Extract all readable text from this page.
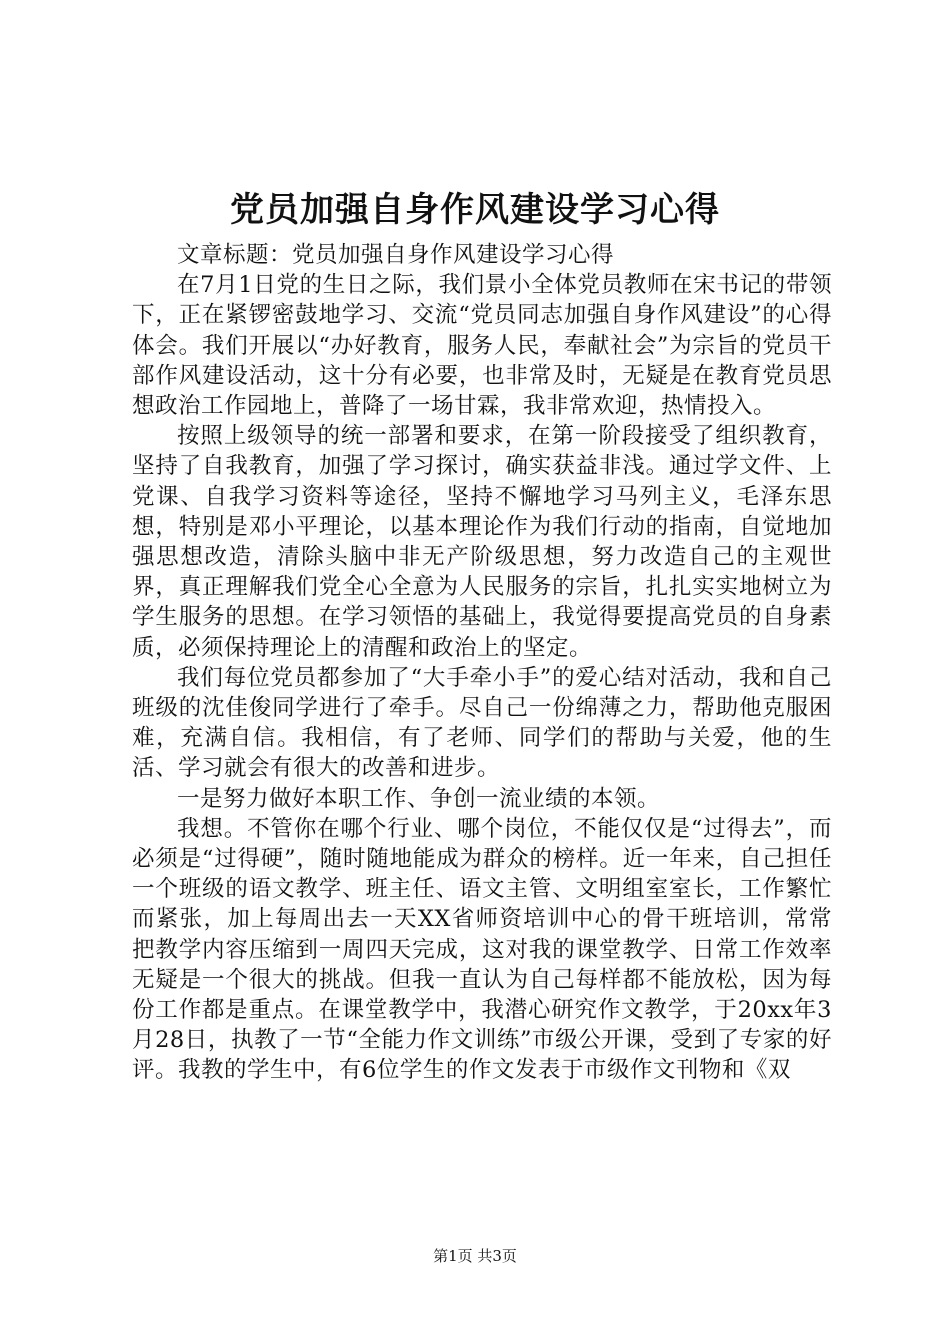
党员加强自身作风建设学习心得

文章标题：党员加强自身作风建设学习心得

在7月1日党的生日之际，我们景小全体党员教师在宋书记的带领下，正在紧锣密鼓地学习、交流“党员同志加强自身作风建设”的心得体会。我们开展以“办好教育，服务人民，奉献社会”为宗旨的党员干部作风建设活动，这十分有必要，也非常及时，无疑是在教育党员思想政治工作园地上，普降了一场甘霖，我非常欢迎，热情投入。

按照上级领导的统一部署和要求，在第一阶段接受了组织教育，坚持了自我教育，加强了学习探讨，确实获益非浅。通过学文件、上党课、自我学习资料等途径，坚持不懈地学习马列主义，毛泽东思想，特别是邓小平理论，以基本理论作为我们行动的指南，自觉地加强思想改造，清除头脑中非无产阶级思想，努力改造自己的主观世界，真正理解我们党全心全意为人民服务的宗旨，扎扎实实地树立为学生服务的思想。在学习领悟的基础上，我觉得要提高党员的自身素质，必须保持理论上的清醒和政治上的坚定。

我们每位党员都参加了“大手牵小手”的爱心结对活动，我和自己班级的沈佳俊同学进行了牵手。尽自己一份绵薄之力，帮助他克服困难，充满自信。我相信，有了老师、同学们的帮助与关爱，他的生活、学习就会有很大的改善和进步。

一是努力做好本职工作、争创一流业绩的本领。

我想。不管你在哪个行业、哪个岗位，不能仅仅是“过得去”，而必须是“过得硬”，随时随地能成为群众的榜样。近一年来，自己担任一个班级的语文教学、班主任、语文主管、文明组室室长，工作繁忙而紧张，加上每周出去一天XX省师资培训中心的骨干班培训，常常把教学内容压缩到一周四天完成，这对我的课堂教学、日常工作效率无疑是一个很大的挑战。但我一直认为自己每样都不能放松，因为每份工作都是重点。在课堂教学中，我潜心研究作文教学，于20xx年3月28日，执教了一节“全能力作文训练”市级公开课，受到了专家的好评。我教的学生中，有6位学生的作文发表于市级作文刊物和《双

第1页 共3页
